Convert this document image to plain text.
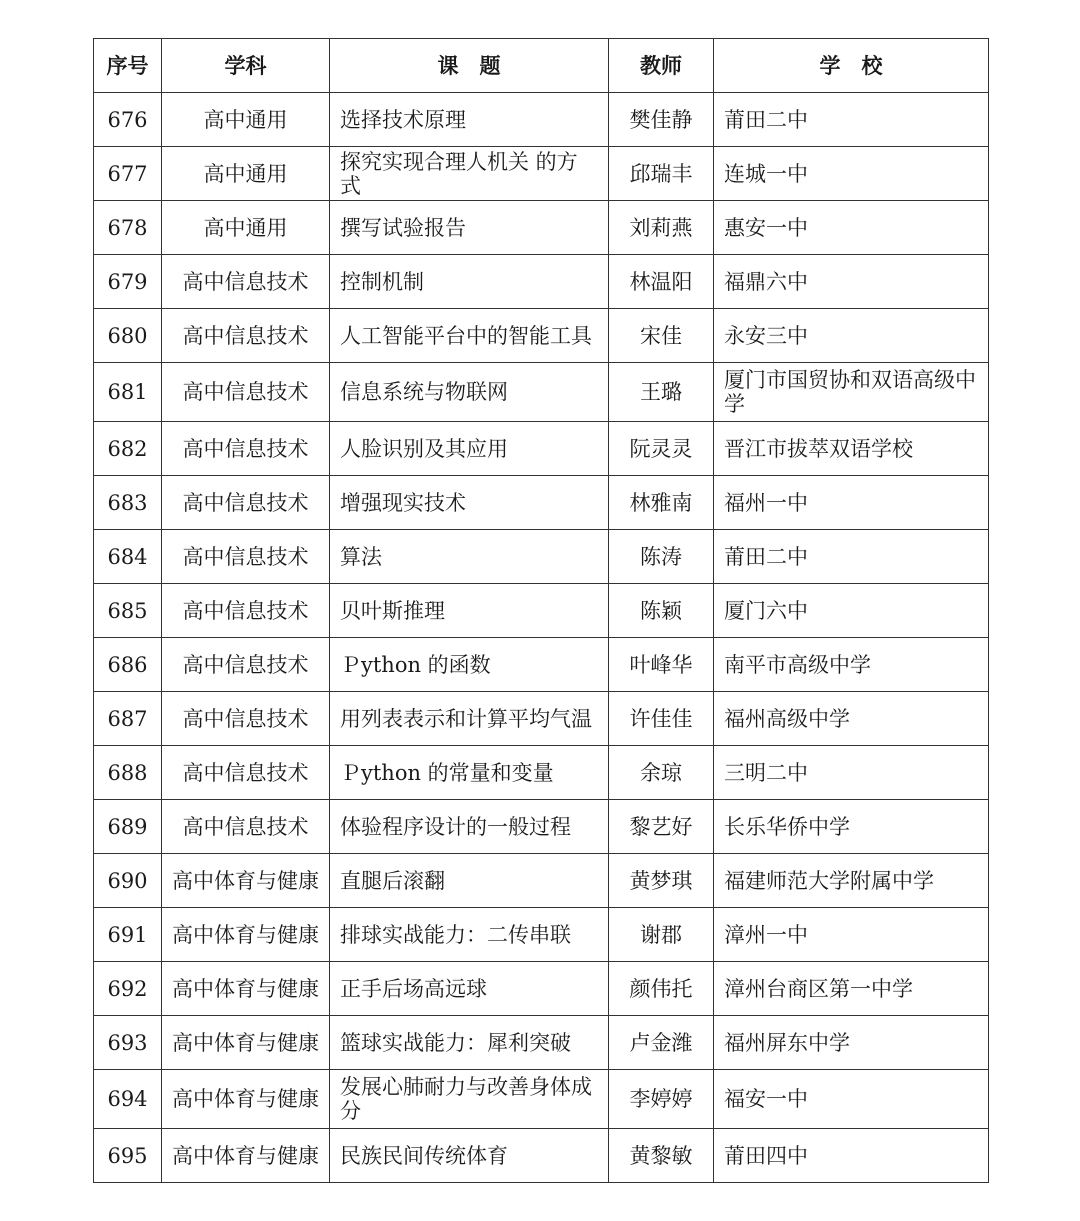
序号	学科	课　题	教师	学　校
676	高中通用	选择技术原理	樊佳静	莆田二中
677	高中通用	探究实现合理人机关 的方式	邱瑞丰	连城一中
678	高中通用	撰写试验报告	刘莉燕	惠安一中
679	高中信息技术	控制机制	林温阳	福鼎六中
680	高中信息技术	人工智能平台中的智能工具	宋佳	永安三中
681	高中信息技术	信息系统与物联网	王璐	厦门市国贸协和双语高级中学
682	高中信息技术	人脸识别及其应用	阮灵灵	晋江市拔萃双语学校
683	高中信息技术	增强现实技术	林雅南	福州一中
684	高中信息技术	算法	陈涛	莆田二中
685	高中信息技术	贝叶斯推理	陈颖	厦门六中
686	高中信息技术	Ｐython 的函数	叶峰华	南平市高级中学
687	高中信息技术	用列表表示和计算平均气温	许佳佳	福州高级中学
688	高中信息技术	Ｐython 的常量和变量	余琼	三明二中
689	高中信息技术	体验程序设计的一般过程	黎艺好	长乐华侨中学
690	高中体育与健康	直腿后滚翻	黄梦琪	福建师范大学附属中学
691	高中体育与健康	排球实战能力：二传串联	谢郡	漳州一中
692	高中体育与健康	正手后场高远球	颜伟托	漳州台商区第一中学
693	高中体育与健康	篮球实战能力：犀利突破	卢金潍	福州屏东中学
694	高中体育与健康	发展心肺耐力与改善身体成分	李婷婷	福安一中
695	高中体育与健康	民族民间传统体育	黄黎敏	莆田四中
